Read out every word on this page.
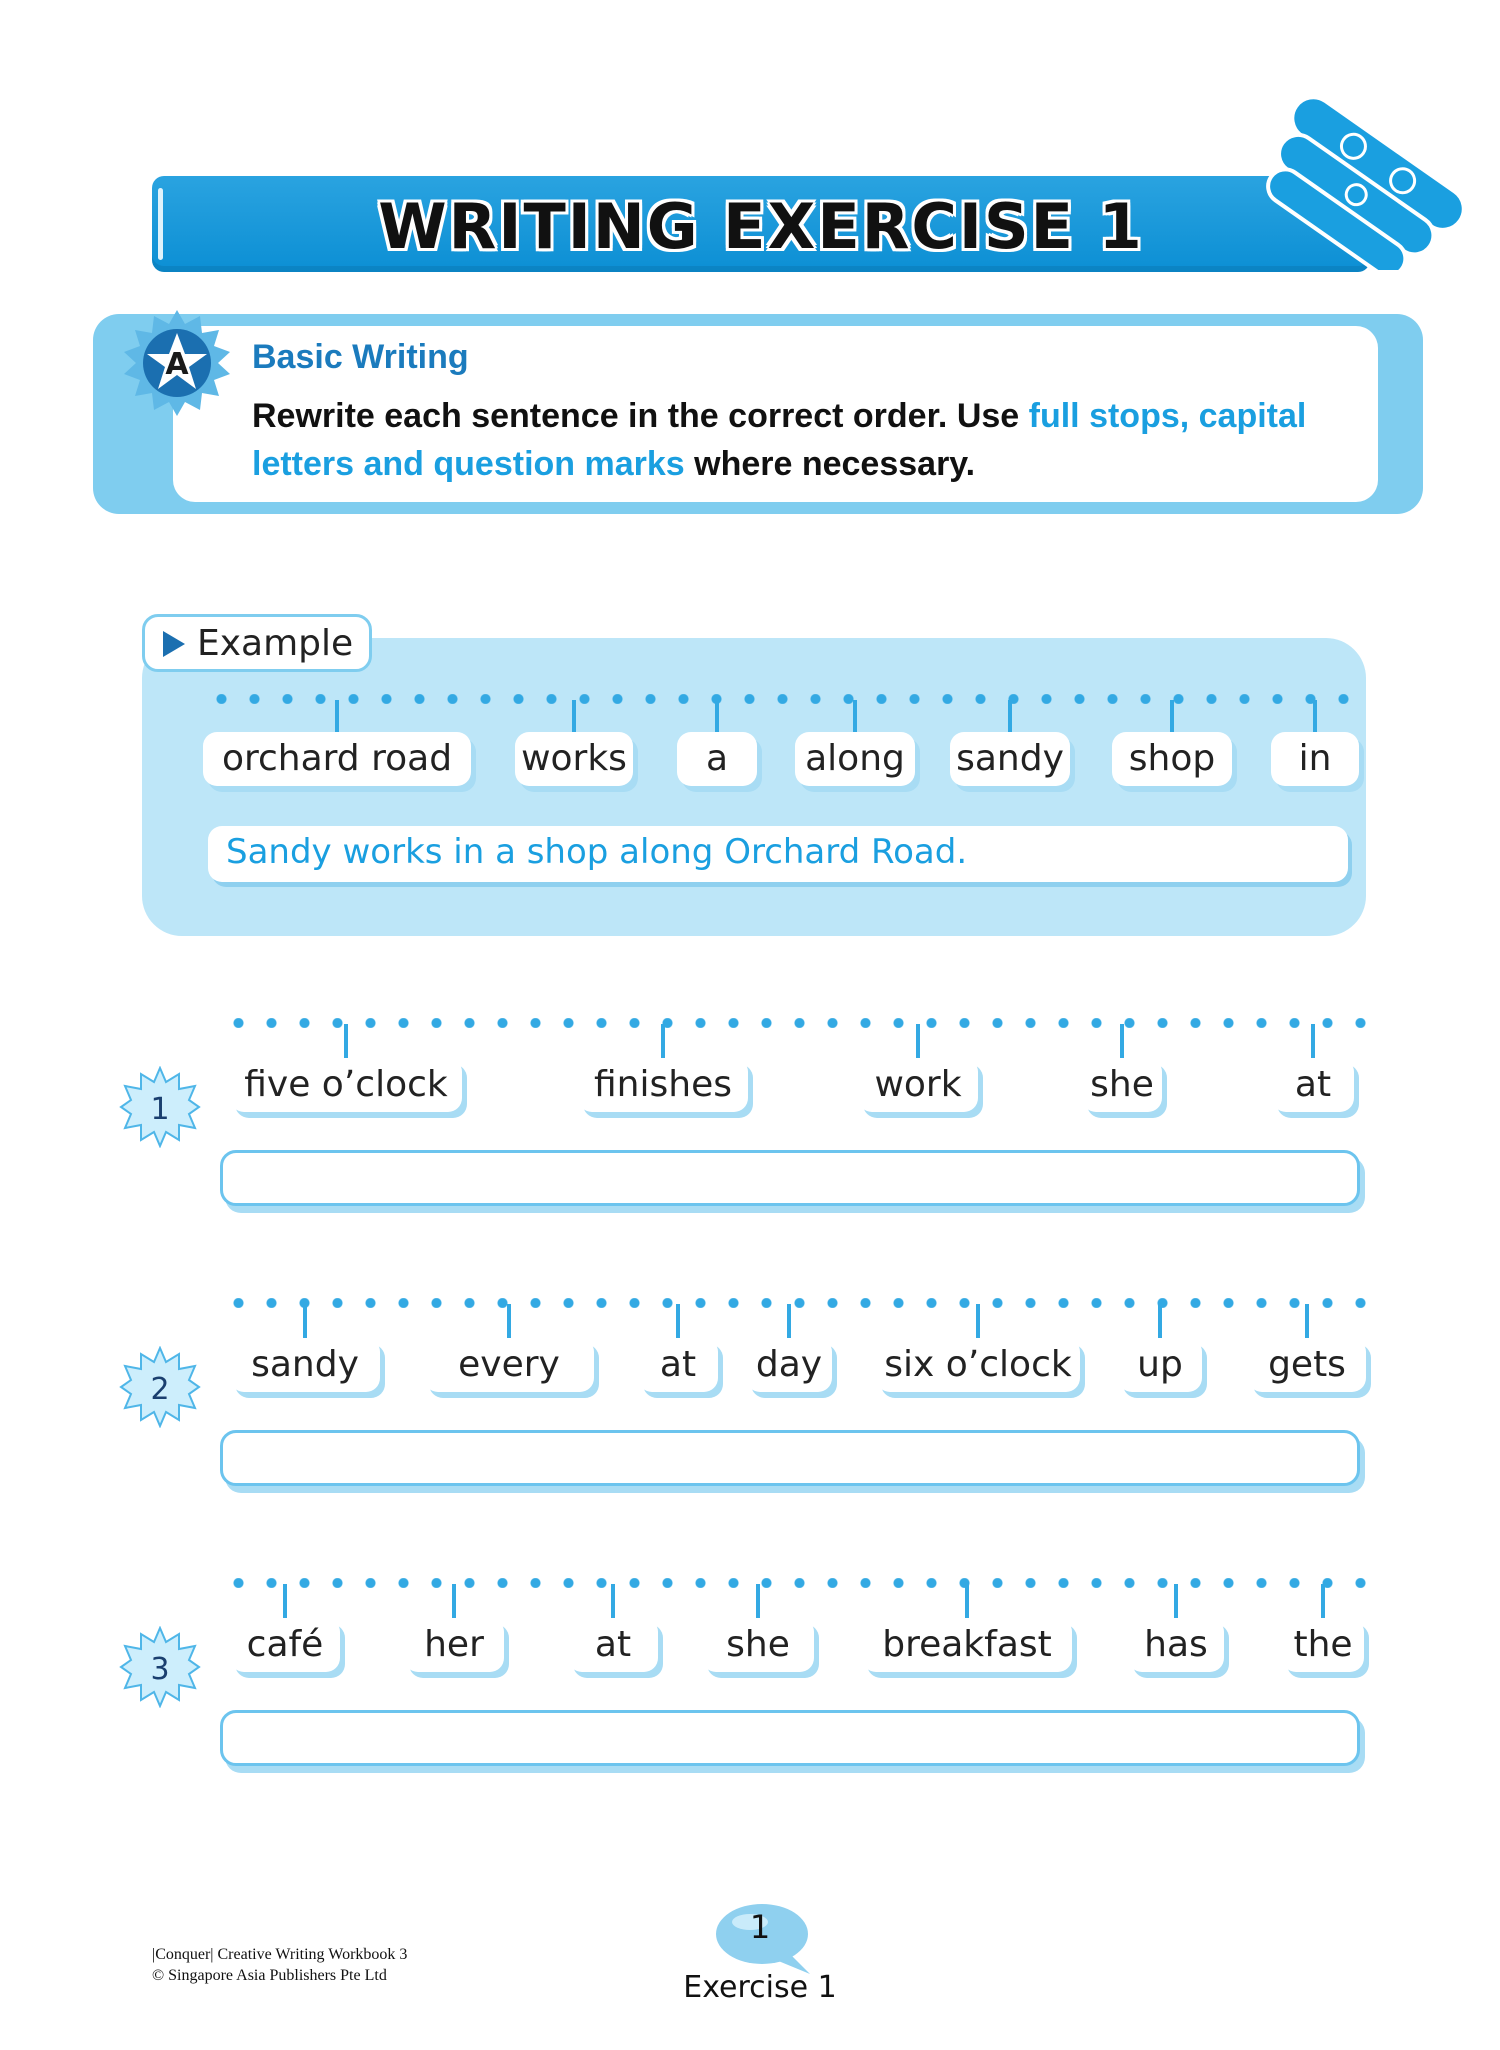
WRITING EXERCISE 1
A Basic Writing
Rewrite each sentence in the correct order. Use full stops, capital letters and question marks where necessary.
Example
Sandy works in a shop along Orchard Road.
|Conquer| Creative Writing Workbook 3
© Singapore Asia Publishers Pte Ltd
1
Exercise 1
orchard road	works	a	along sandy	shop	in
1
five o’clock	finishes	work	she	at
2
sandy	every	at	day six o’clock	up	gets
3
café	her	at	she	breakfast	has	the
